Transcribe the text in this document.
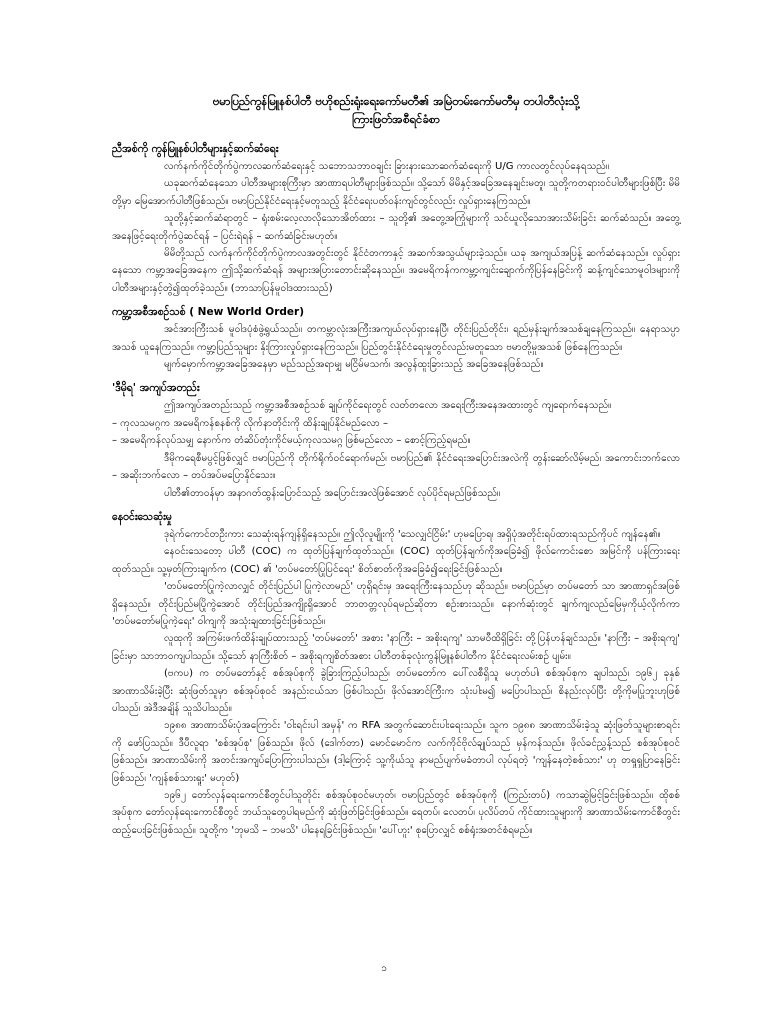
ဗမာပြည်ကွန်မြူနစ်ပါတီ ဗဟိုစည်းရုံးရေးကော်မတီ၏ အမြဲတမ်းကော်မတီမှ တပါတီလုံးသို့
ကြားဖြတ်အစီရင်ခံစာ
ညီအစ်ကို ကွန်မြူနစ်ပါတီများနှင့်ဆက်ဆံရေး
လက်နက်ကိုင်တိုက်ပွဲကာလဆက်ဆံရေးနှင့် သဘောသဘာဝချင်း ခြားနားသောဆက်ဆံရေးကို U/G ကာလတွင်လုပ်နေရသည်။
ယခုဆက်ဆံနေသော ပါတီအများစုကြီးမှာ အာဏာရပါတီများဖြစ်သည်။ သို့သော် မိမိနှင့်အခြေအနေချင်းမတူ၊ သူတို့ကတရားဝင်ပါတီများဖြစ်ပြီး မိမိတို့မှာ မြေအောက်ပါတီဖြစ်သည်။ ဗမာပြည်နိုင်ငံရေးနှင့်မတူသည့် နိုင်ငံရေးပတ်ဝန်းကျင်တွင်လည်း လှုပ်ရှားနေကြသည်။
သူတို့နှင့်ဆက်ဆံရာတွင် – ရုံးစမ်းလေ့လာလိုသောအိတ်ထား – သူတို့၏ အတွေ့အကြုံများကို သင်ယူလိုသောအားသိမ်းခြင်း ဆက်ဆံသည်။ အတွေ့အနေဖြင့်ရေးတိုက်ပွဲဆင်ရန် – ပြင်းရဲရန် – ဆက်ဆံခြင်းမဟုတ်။
မိမိတို့သည် လက်နက်ကိုင်တိုက်ပွဲကာလအတွင်းတွင် နိုင်ငံတကာနှင့် အဆက်အသွယ်များခဲ့သည်။ ယခု အကျယ်အပြန့် ဆက်ဆံနေသည်။ လှုပ်ရှားနေသော ကမ္ဘာ့အခြေအနေက ဤသို့ဆက်ဆံရန် အများအပြားတောင်းဆိုနေသည်။ အမေရိကန်ကကမ္ဘာ့ကျင်းချောက်ကိုပြန်နေခြင်းကို ဆန့်ကျင်သောမူဝါဒများကို ပါတီအများနှင့်တွဲ၍ထုတ်ခဲ့သည်။ (ဘာသာပြန်မူဝါဒထားသည်)
ကမ္ဘာ့အစီအစဉ်သစ် ( New World Order)
အင်အားကြီးသစ် မူဝါဒပုံစံဖွဲ့ရွယ်သည်။ တကမ္ဘာလုံးအကြီးအကျယ်လုပ်ရှားနေပြီ၊ တိုင်းပြည်တိုင်း၊ ရည်မှန်းချက်အသစ်ချနေကြသည်။ နေရာသပ္ပာအသစ် ယူနေကြသည်။ ကမ္ဘာ့ပြည်သူများ နိုးကြားလှုပ်ရှားနေကြသည်။ ပြည်တွင်းနိုင်ငံရေးမှုတွင်လည်းမတူသော ဗမာတို့မှုအသစ် ဖြစ်နေကြသည်။
မျက်မှောက်ကမ္ဘာ့အခြေအနေမှာ မည်သည့်အရာမျှ မငြိမ်မသက်၊ အလွန်ထူးခြားသည့် အခြေအနေဖြစ်သည်။
'ဒီမိုရ' အကျပ်အတည်း
ဤအကျပ်အတည်းသည် ကမ္ဘာ့အစီအစဉ်သစ် ချုပ်ကိုင်ရေးတွင် လတ်တလော အရေးကြီးအနေအထားတွင် ကျရောက်နေသည်။
– ကုလသမဂ္ဂက အမေရိကန်စနစ်ကို လိုက်နာတိုင်းကို ထိန်းချုပ်နိုင်မည်လော –
– အမေရိကန်လုပ်သမျှ နောက်က တံဆိပ်တုံးကိုင်မယ့်ကုလသမဂ္ဂ ဖြစ်မည်လော – စောင့်ကြည့်ရမည်။
ဒီမိုကရေစီမပွင့်ဖြစ်လျှင် ဗမာပြည်ကို တိုက်ရိုက်ဝင်ရောက်မည်၊ ဗမာပြည်၏ နိုင်ငံရေးအပြောင်းအလဲကို တွန်းဆော်လိမ့်မည်၊ အကောင်းဘက်လော – အဆိုးဘက်လော – တပ်အပ်မပြောနိုင်သေး။
ပါတီ၏တာဝန်မှာ အနာဂတ်ထွန်းပြောင်သည့် အပြောင်းအလဲဖြစ်အောင် လုပ်ပိုင်ရမည်ဖြစ်သည်။
နေဝင်းသေဆုံးမှု
ဒုရဲက်ကောင်တဦးကား သေဆုံးရန်ကျန်ရှိနေသည်။ ဤလိုလူမျိုးကို 'သေလျှင်ငြိမ်း' ဟုမပြောရ၊ အရှိပုံအတိုင်းရပ်ထားရသည်ကိုပင် ကျန်နေ၏။
နေဝင်းသေတော့ ပါတီ (COC) က ထုတ်ပြန်ချက်ထုတ်သည်။ (COC) ထုတ်ပြန်ချက်ကိုအခြေခံ၍ ဖိုလ်ကောင်းစော အမြင်ကို ပန်ကြားရေးထုတ်သည်။ သူ့မှတ်ကြားချက်က (COC) ၏ 'တပ်မတော်ပြုပြင်ရေး' စိတ်စာတ်ကိုအခြေခံ၍ရေးခြင်းဖြစ်သည်။
'တပ်မတော်ပြုကဲ့လာလျှင် တိုင်းပြည်ပါ ပြုကဲ့လာမည်' ဟုရှိရင်းမှ အရေးကြီးနေသည်ဟု ဆိုသည်။ ဗမာပြည်မှာ တပ်မတော် သာ အာဏာရှင်အဖြစ် ရှိနေသည်။ တိုင်းပြည်မပြိုကွဲအောင် တိုင်းပြည်အကျိုးရှိအောင် ဘာတတ္တလုပ်ရမည်ဆိုတာ စဉ်းစားသည်။ နောက်ဆုံးတွင် ချက်ကျလည်မြေမှကိုယ့်လိုက်ကာ 'တပ်မတော်မပြုကဲ့ရေး' ဝါကျကို အသုံးချထားခြင်းဖြစ်သည်။
လူထုကို အကြမ်းဖက်ထိန်းချုပ်ထားသည့် 'တပ်မတော်' အစား 'နာကြီး – အစိုးရကျ' သာမဝီထိရှိခြင်း တို့ပြန်ဟန်ချင်သည်။ 'နာကြီး – အစိုးရကျ' ခြင်းမှာ သာဘာဝကျပါသည်။ သို့သော် နာကြီးစိတ် – အစိုးရကျစိတ်အစား ပါတီတစ်ခုလုံးကွန်မြူနစ်ပါတီက နိုင်ငံရေးလမ်းစဉ် ပျမ်း။
(ဗကပ) က တပ်မတော်နှင့် စစ်အုပ်စုကို ခွဲခြားကြည့်ပါသည်၊ တပ်မတော်က ပေါ်လစီရှိသူ မဟုတ်ပါ၊ စစ်အုပ်စုက ချပါသည်၊ ၁၉၆၂ ခုနှစ် အာဏာသိမ်းခဲ့ပြီး ဆုံးဖြတ်သူမှာ စစ်အုပ်စုဝင် အနည်းငယ်သာ ဖြစ်ပါသည်၊ ဖိုလ်အောင်ကြီးက သုံးပါးမ၍ မပြောပါသည်၊ စိနည်းလုပ်ပြီး တို့ကိုမပြုဘူးဟုဖြစ်ပါသည်၊ အဲဒီအချိန် သူသိပါသည်။
၁၉၈၈ အာဏာသိမ်းပုံအကြောင်း 'ဝါးရင်းပါ အမှန်' က RFA အတွက်ဆောင်းပါးရေးသည်။ သူက ၁၉၈၈ အာဏာသိမ်းခဲ့သူ ဆုံးဖြတ်သူများစာရင်းကို ဖော်ပြသည်။ ဒီပီလူရာ 'စစ်အုပ်စု' ဖြစ်သည်။ ဖိုလ် (ဒေါက်တာ) မောင်မောင်က လက်ကိုင်ဗိုလ်ချုပ်သည် မှန်ကန်သည်။ ဖိုလ်ခင်ညွှန့်သည် စစ်အုပ်စုဝင်ဖြစ်သည်။ အာဏာသိမ်းကို အတင်းအကျပ်ပြောကြားပါသည်။ (ဒါ့ကြောင့် သူ့ကိုယ်သူ နာမည်ပျက်မခံတာပါ လုပ်ရတဲ့ 'ကျန်နေတဲ့စစ်သား' ဟု တရှုရှုပြာနေခြင်း ဖြစ်သည်၊ 'ကျန်စစ်သားရူး' မဟုတ်)
၁၉၆၂ တော်လှန်ရေးကောင်စီတွင်ပါသူတိုင်း စစ်အုပ်စုဝင်မဟုတ်၊ ဗမာပြည်တွင် စစ်အုပ်စုကို (ကြည်းတပ်) ကသာဆွဲမြင့်ခြင်းဖြစ်သည်။ ထိုစစ်အုပ်စုက တော်လှန်ရေးကောင်စီတွင် ဘယ်သူတွေပါရမည်ကို ဆုံးဖြတ်ခြင်းဖြစ်သည်။ ရေတပ်၊ လေတပ်၊ ပုလိပ်တပ် ကိုင်ထားသူများကို အာဏာသိမ်းကောင်စီတွင်း ထည့်ပေးခြင်းဖြစ်သည်။ သူတို့က 'ဘုမသိ – ဘမသိ' ပါနေရခြင်းဖြစ်သည်။ 'ပေါ်ဟူး' စုပြောလျှင် စစ်ရုံးအတင်စံရမည်။
၁
